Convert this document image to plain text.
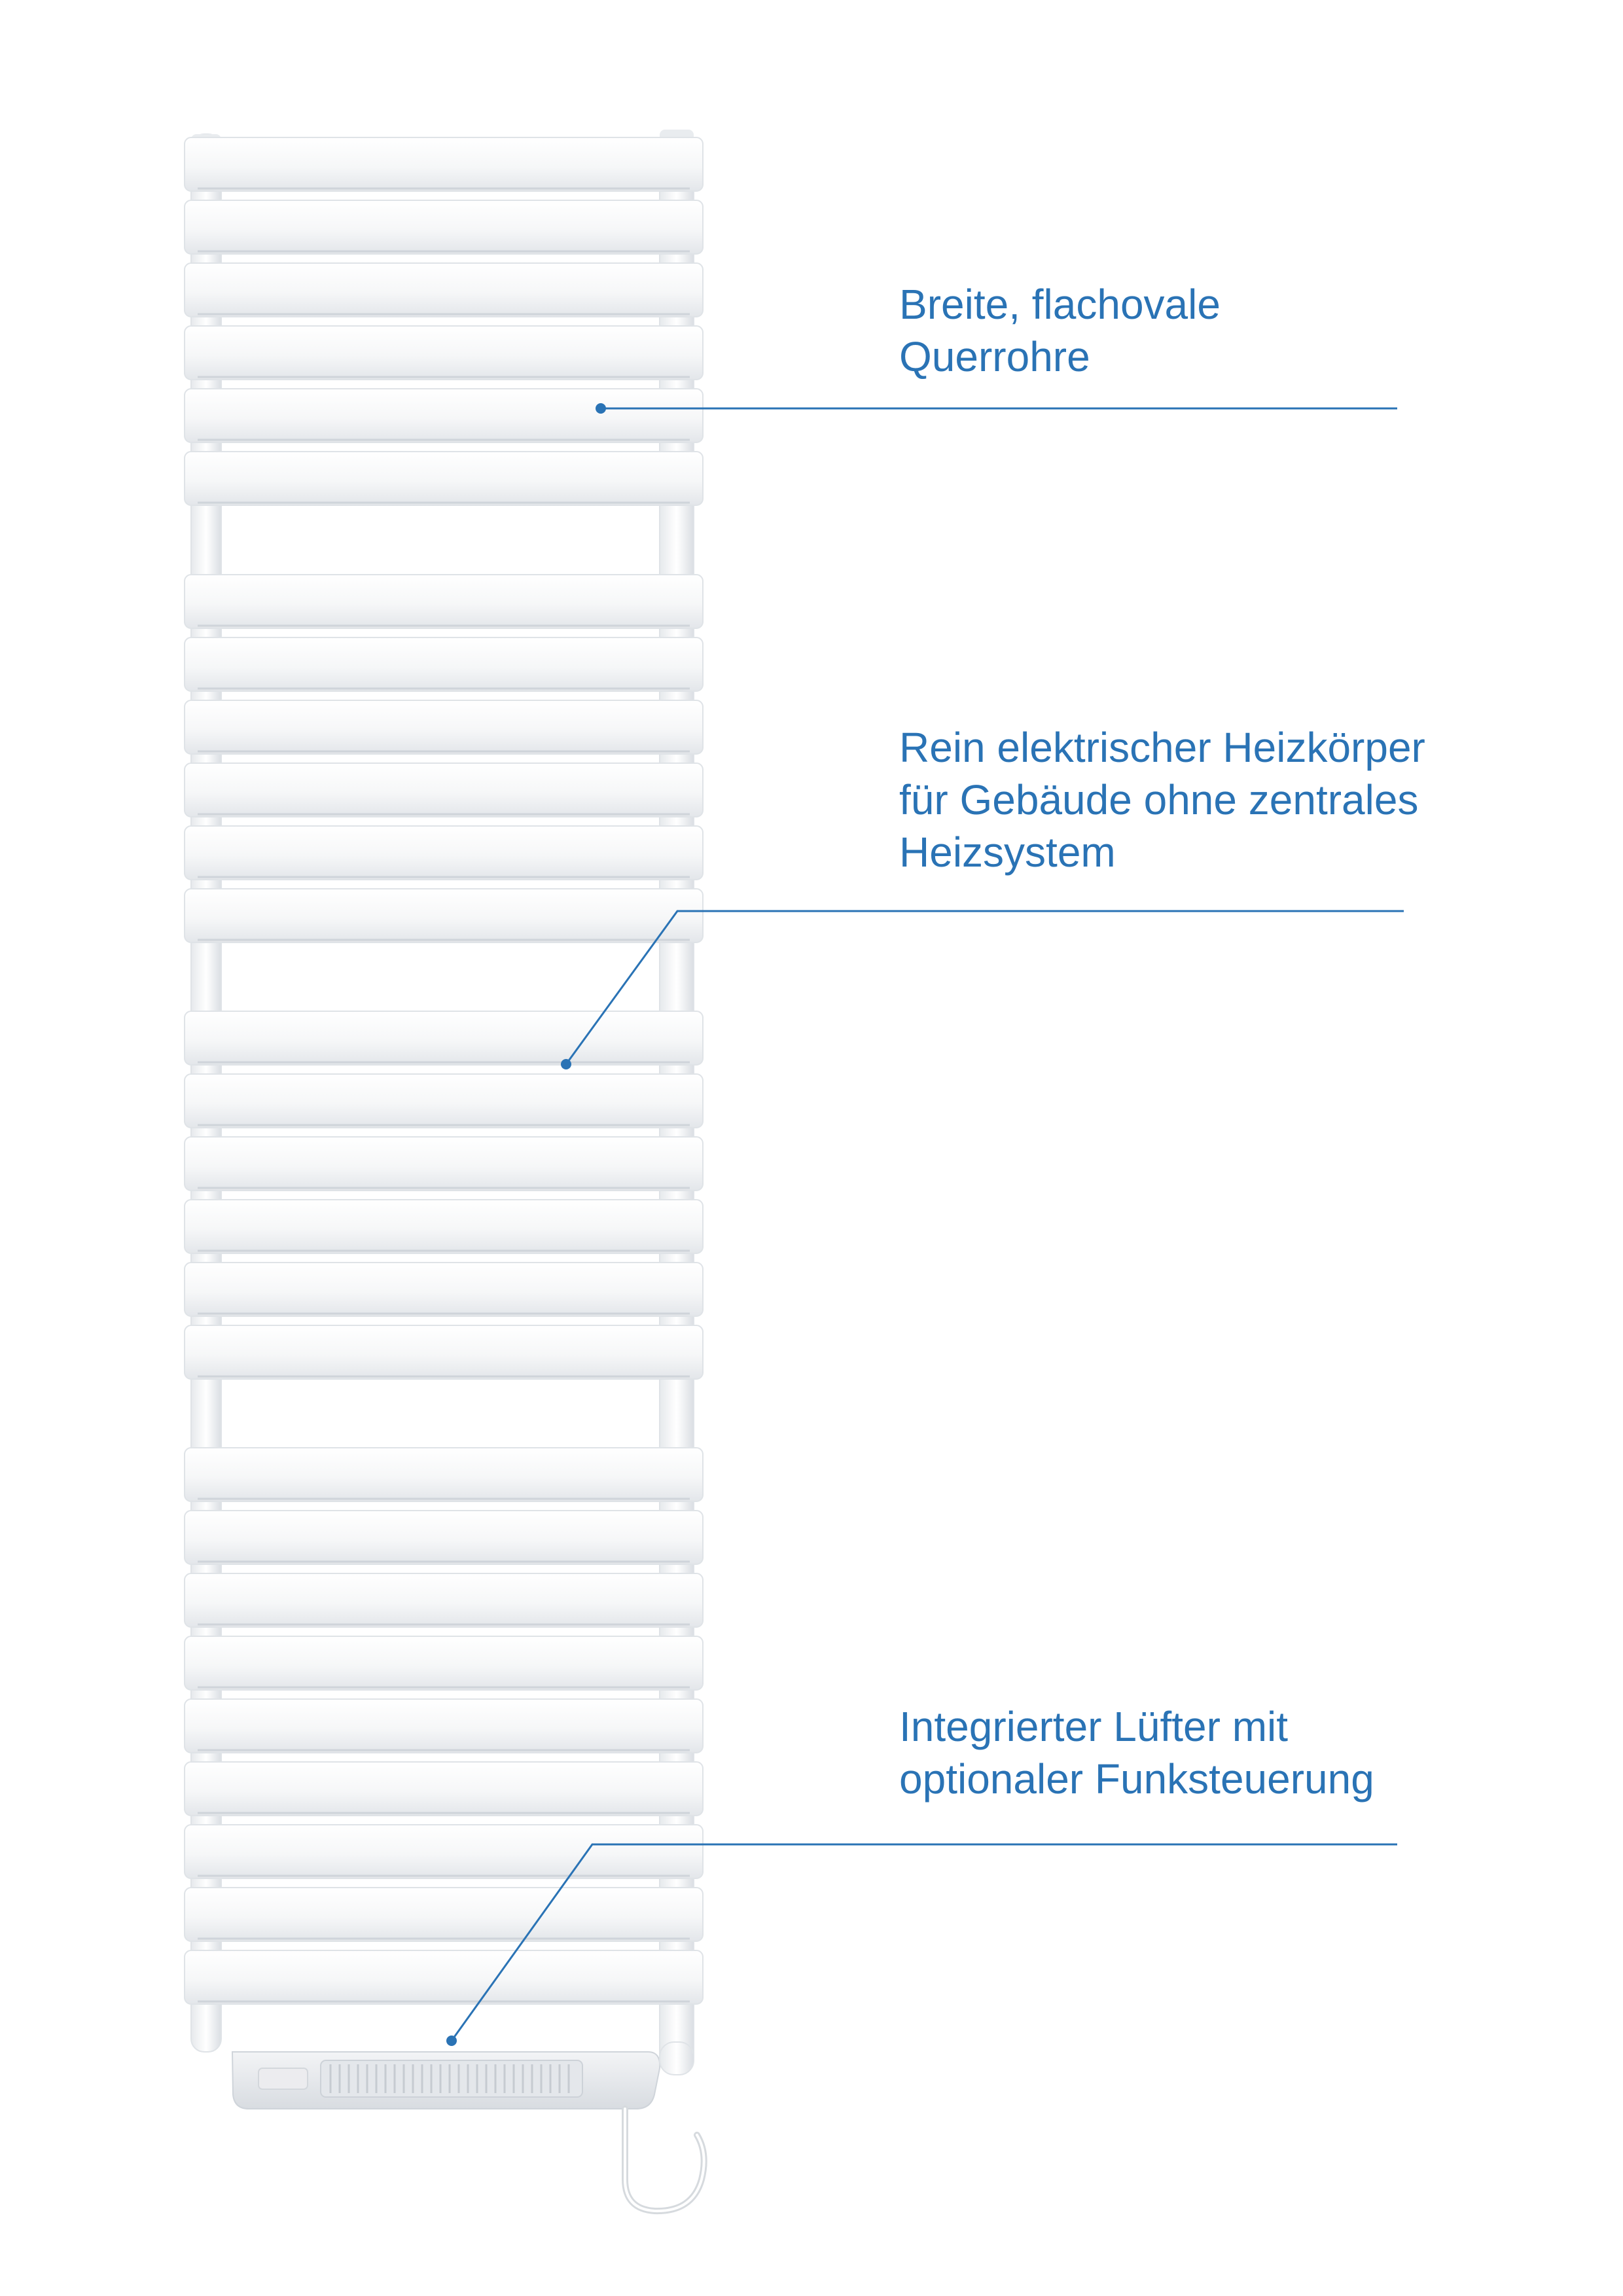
Breite, flachovale
Querrohre
Rein elektrischer Heizkörper
für Gebäude ohne zentrales
Heizsystem
Integrierter Lüfter mit
optionaler Funksteuerung
